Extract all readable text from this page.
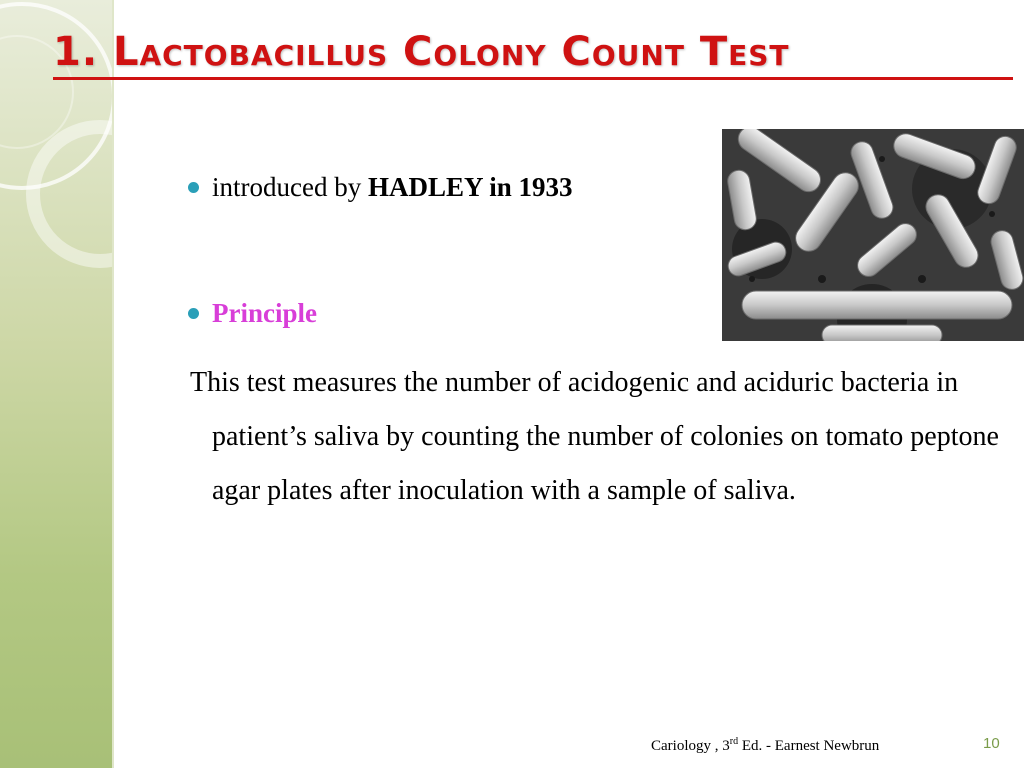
1. Lactobacillus Colony Count Test
introduced by HADLEY in 1933
Principle

This test measures the number of acidogenic and aciduric bacteria in patient’s saliva by counting the number of colonies on tomato peptone agar plates after inoculation with a sample of saliva.

Cariology , 3rd Ed. - Earnest Newbrun	10
